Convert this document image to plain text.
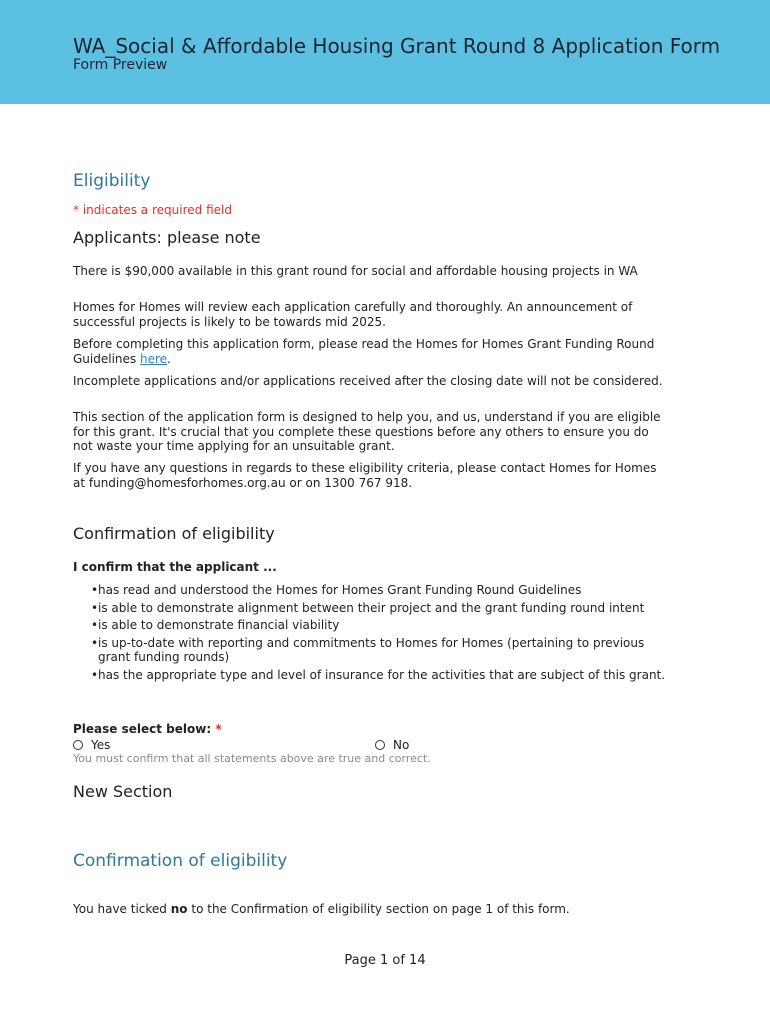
WA_Social & Affordable Housing Grant Round 8 Application Form
Form Preview
Eligibility
* indicates a required field
Applicants: please note
There is $90,000 available in this grant round for social and affordable housing projects in WA
Homes for Homes will review each application carefully and thoroughly. An announcement of successful projects is likely to be towards mid 2025.
Before completing this application form, please read the Homes for Homes Grant Funding Round Guidelines here.
Incomplete applications and/or applications received after the closing date will not be considered.
This section of the application form is designed to help you, and us, understand if you are eligible for this grant. It's crucial that you complete these questions before any others to ensure you do not waste your time applying for an unsuitable grant.
If you have any questions in regards to these eligibility criteria, please contact Homes for Homes at funding@homesforhomes.org.au or on 1300 767 918.
Confirmation of eligibility
I confirm that the applicant ...
• has read and understood the Homes for Homes Grant Funding Round Guidelines
• is able to demonstrate alignment between their project and the grant funding round intent
• is able to demonstrate financial viability
• is up-to-date with reporting and commitments to Homes for Homes (pertaining to previous grant funding rounds)
• has the appropriate type and level of insurance for the activities that are subject of this grant.
Please select below: *
Yes	No
You must confirm that all statements above are true and correct.
New Section
Confirmation of eligibility
You have ticked no to the Confirmation of eligibility section on page 1 of this form.
Page 1 of 14
